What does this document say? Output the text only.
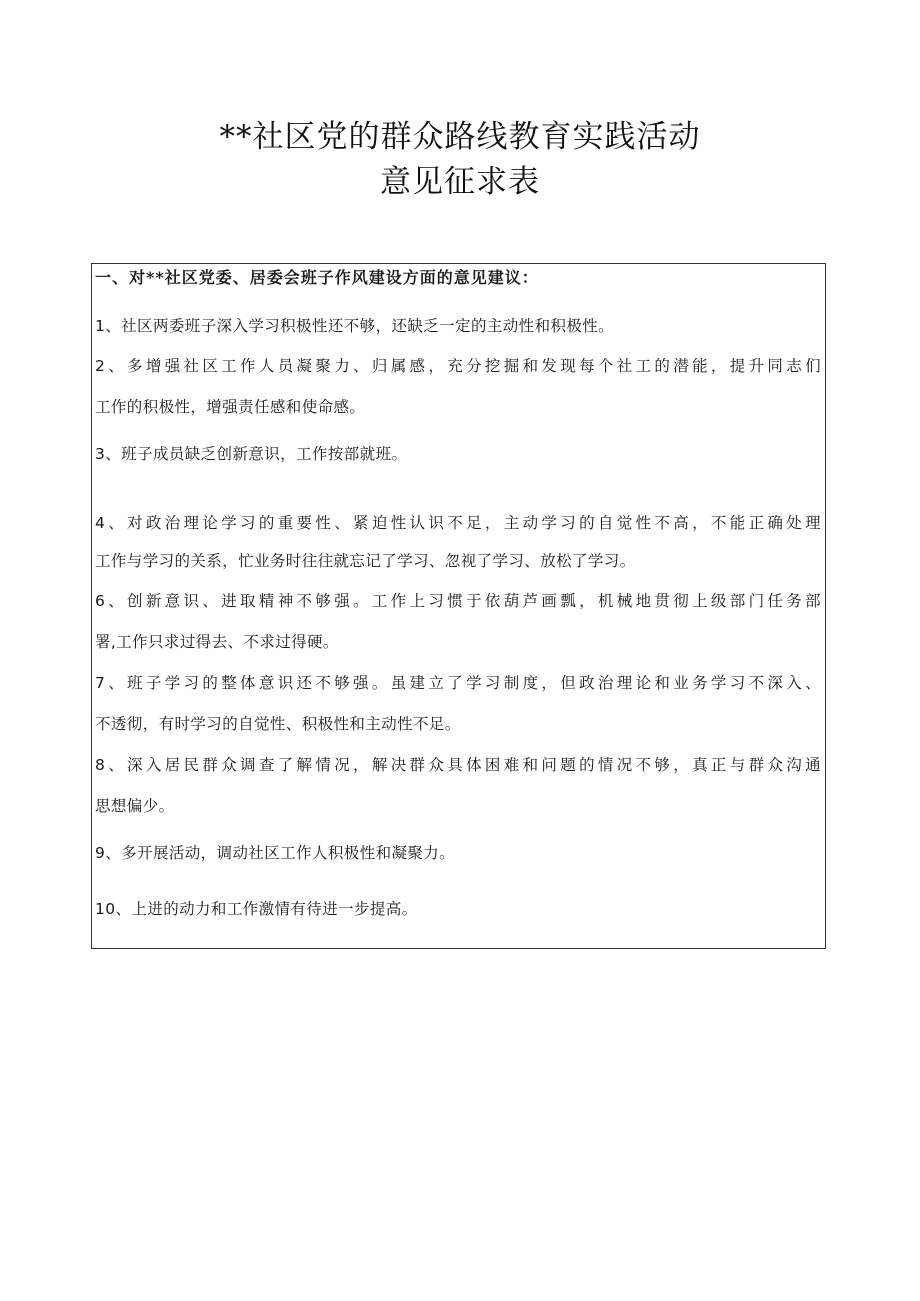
**社区党的群众路线教育实践活动
意见征求表
一、对**社区党委、居委会班子作风建设方面的意见建议：
1、社区两委班子深入学习积极性还不够，还缺乏一定的主动性和积极性。
2、多增强社区工作人员凝聚力、归属感，充分挖掘和发现每个社工的潜能，提升同志们
工作的积极性，增强责任感和使命感。
3、班子成员缺乏创新意识，工作按部就班。
4、对政治理论学习的重要性、紧迫性认识不足，主动学习的自觉性不高，不能正确处理
工作与学习的关系，忙业务时往往就忘记了学习、忽视了学习、放松了学习。
6、创新意识、进取精神不够强。工作上习惯于依葫芦画瓢，机械地贯彻上级部门任务部
署,工作只求过得去、不求过得硬。
7、班子学习的整体意识还不够强。虽建立了学习制度，但政治理论和业务学习不深入、
不透彻，有时学习的自觉性、积极性和主动性不足。
8、深入居民群众调查了解情况，解决群众具体困难和问题的情况不够，真正与群众沟通
思想偏少。
9、多开展活动，调动社区工作人积极性和凝聚力。
10、上进的动力和工作激情有待进一步提高。
